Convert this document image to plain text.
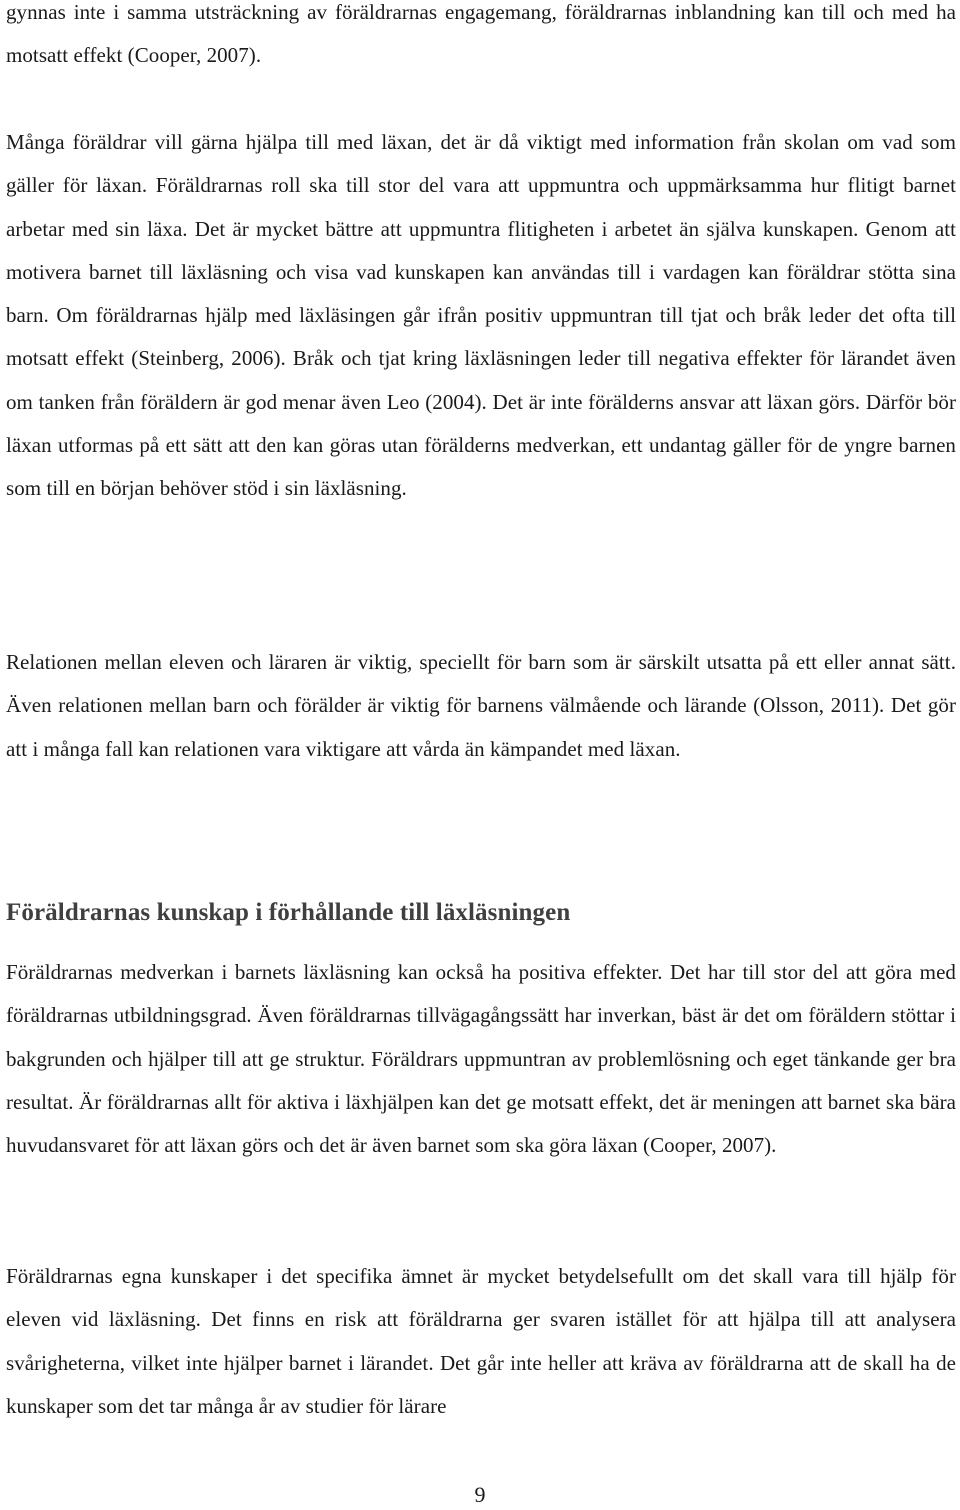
gynnas inte i samma utsträckning av föräldrarnas engagemang, föräldrarnas inblandning kan till och med ha motsatt effekt (Cooper, 2007).

Många föräldrar vill gärna hjälpa till med läxan, det är då viktigt med information från skolan om vad som gäller för läxan. Föräldrarnas roll ska till stor del vara att uppmuntra och uppmärksamma hur flitigt barnet arbetar med sin läxa. Det är mycket bättre att uppmuntra flitigheten i arbetet än själva kunskapen. Genom att motivera barnet till läxläsning och visa vad kunskapen kan användas till i vardagen kan föräldrar stötta sina barn. Om föräldrarnas hjälp med läxläsingen går ifrån positiv uppmuntran till tjat och bråk leder det ofta till motsatt effekt (Steinberg, 2006). Bråk och tjat kring läxläsningen leder till negativa effekter för lärandet även om tanken från föräldern är god menar även Leo (2004). Det är inte förälderns ansvar att läxan görs. Därför bör läxan utformas på ett sätt att den kan göras utan förälderns medverkan, ett undantag gäller för de yngre barnen som till en början behöver stöd i sin läxläsning.

Relationen mellan eleven och läraren är viktig, speciellt för barn som är särskilt utsatta på ett eller annat sätt. Även relationen mellan barn och förälder är viktig för barnens välmående och lärande (Olsson, 2011). Det gör att i många fall kan relationen vara viktigare att vårda än kämpandet med läxan.

Föräldrarnas kunskap i förhållande till läxläsningen

Föräldrarnas medverkan i barnets läxläsning kan också ha positiva effekter. Det har till stor del att göra med föräldrarnas utbildningsgrad. Även föräldrarnas tillvägagångssätt har inverkan, bäst är det om föräldern stöttar i bakgrunden och hjälper till att ge struktur. Föräldrars uppmuntran av problemlösning och eget tänkande ger bra resultat. Är föräldrarnas allt för aktiva i läxhjälpen kan det ge motsatt effekt, det är meningen att barnet ska bära huvudansvaret för att läxan görs och det är även barnet som ska göra läxan (Cooper, 2007).

Föräldrarnas egna kunskaper i det specifika ämnet är mycket betydelsefullt om det skall vara till hjälp för eleven vid läxläsning. Det finns en risk att föräldrarna ger svaren istället för att hjälpa till att analysera svårigheterna, vilket inte hjälper barnet i lärandet. Det går inte heller att kräva av föräldrarna att de skall ha de kunskaper som det tar många år av studier för lärare

9
